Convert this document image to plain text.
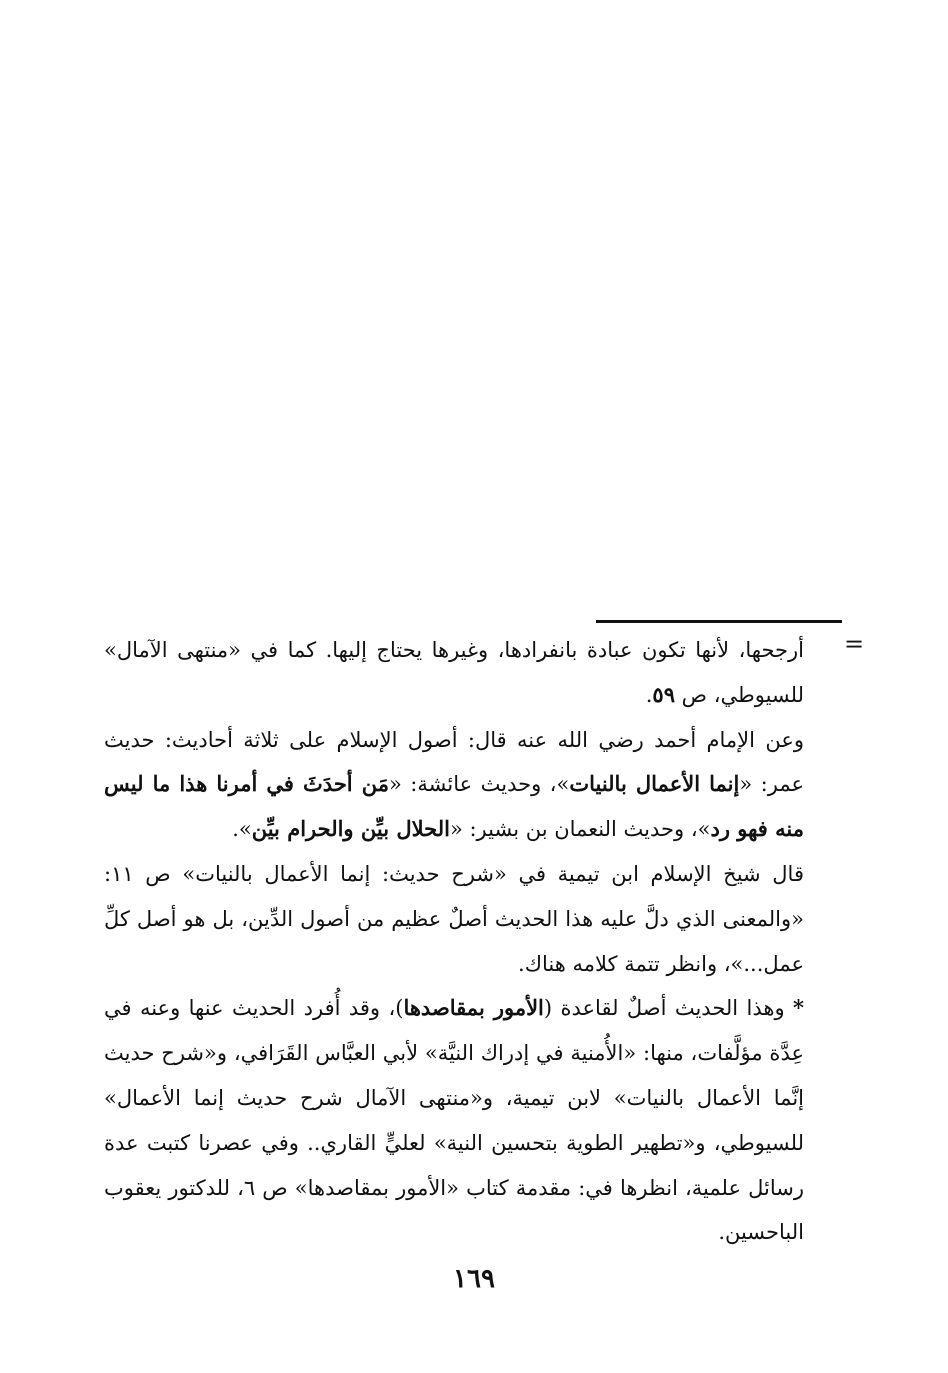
=

أرجحها، لأنها تكون عبادة بانفرادها، وغيرها يحتاج إليها. كما في «منتهى الآمال» للسيوطي، ص ٥٩.

وعن الإمام أحمد رضي الله عنه قال: أصول الإسلام على ثلاثة أحاديث: حديث عمر: «إنما الأعمال بالنيات»، وحديث عائشة: «مَن أحدَثَ في أمرنا هذا ما ليس منه فهو رد»، وحديث النعمان بن بشير: «الحلال بيِّن والحرام بيِّن».

قال شيخ الإسلام ابن تيمية في «شرح حديث: إنما الأعمال بالنيات» ص ١١: «والمعنى الذي دلَّ عليه هذا الحديث أصلٌ عظيم من أصول الدِّين، بل هو أصل كلِّ عمل...»، وانظر تتمة كلامه هناك.

* وهذا الحديث أصلٌ لقاعدة (الأمور بمقاصدها)، وقد أُفرد الحديث عنها وعنه في عِدَّة مؤلَّفات، منها: «الأُمنية في إدراك النيَّة» لأبي العبَّاس القَرَافي، و«شرح حديث إنَّما الأعمال بالنيات» لابن تيمية، و«منتهى الآمال شرح حديث إنما الأعمال» للسيوطي، و«تطهير الطوية بتحسين النية» لعليٍّ القاري.. وفي عصرنا كتبت عدة رسائل علمية، انظرها في: مقدمة كتاب «الأمور بمقاصدها» ص ٦، للدكتور يعقوب الباحسين.

١٦٩
